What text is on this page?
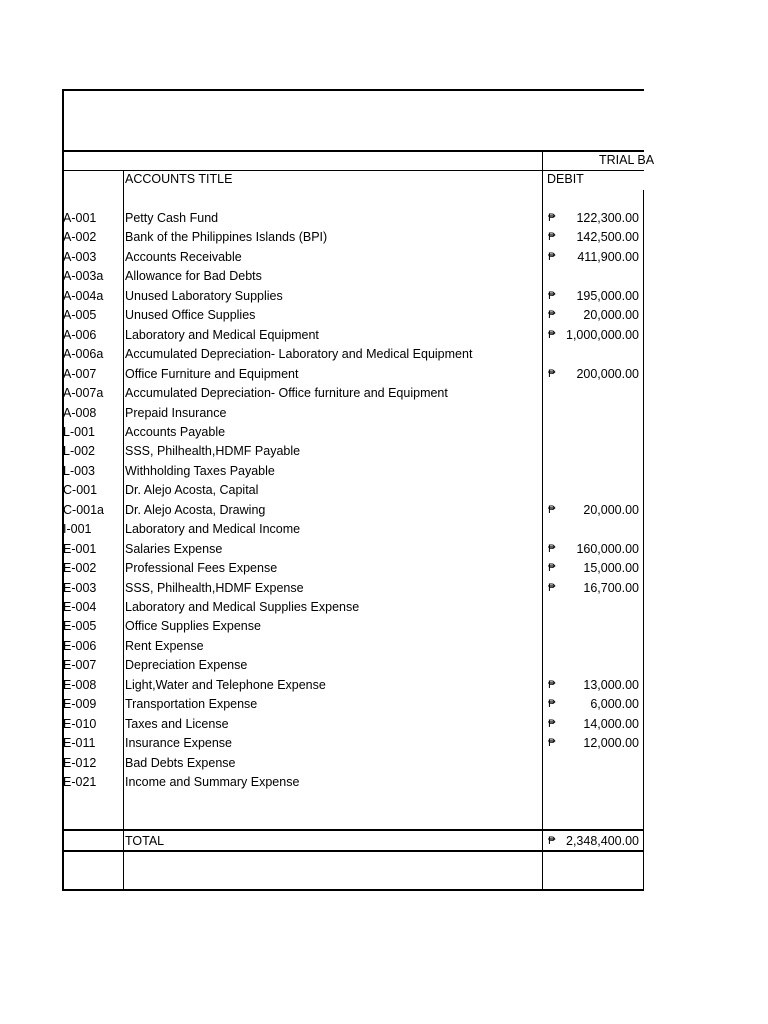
TRIAL BA
ACCOUNTS TITLE	DEBIT
A-001 Petty Cash Fund	₱ 122,300.00
A-002 Bank of the Philippines Islands (BPI)	₱ 142,500.00
A-003 Accounts Receivable	₱ 411,900.00
A-003a Allowance for Bad Debts
A-004a Unused Laboratory Supplies	₱ 195,000.00
A-005 Unused Office Supplies	₱ 20,000.00
A-006 Laboratory and Medical Equipment	₱ 1,000,000.00
A-006a Accumulated Depreciation- Laboratory and Medical Equipment
A-007 Office Furniture and Equipment	₱ 200,000.00
A-007a Accumulated Depreciation- Office furniture and Equipment
A-008 Prepaid Insurance
L-001 Accounts Payable
L-002 SSS, Philhealth,HDMF Payable
L-003 Withholding Taxes Payable
C-001 Dr. Alejo Acosta, Capital
C-001a Dr. Alejo Acosta, Drawing	₱ 20,000.00
I-001	Laboratory and Medical Income
E-001 Salaries Expense	₱ 160,000.00
E-002 Professional Fees Expense	₱ 15,000.00
E-003 SSS, Philhealth,HDMF Expense	₱ 16,700.00
E-004 Laboratory and Medical Supplies Expense
E-005 Office Supplies Expense
E-006 Rent Expense
E-007 Depreciation Expense
E-008 Light,Water and Telephone Expense	₱ 13,000.00
E-009 Transportation Expense	₱	6,000.00
E-010 Taxes and License	₱ 14,000.00
E-011 Insurance Expense	₱ 12,000.00
E-012 Bad Debts Expense
E-021 Income and Summary Expense
TOTAL	₱ 2,348,400.00
